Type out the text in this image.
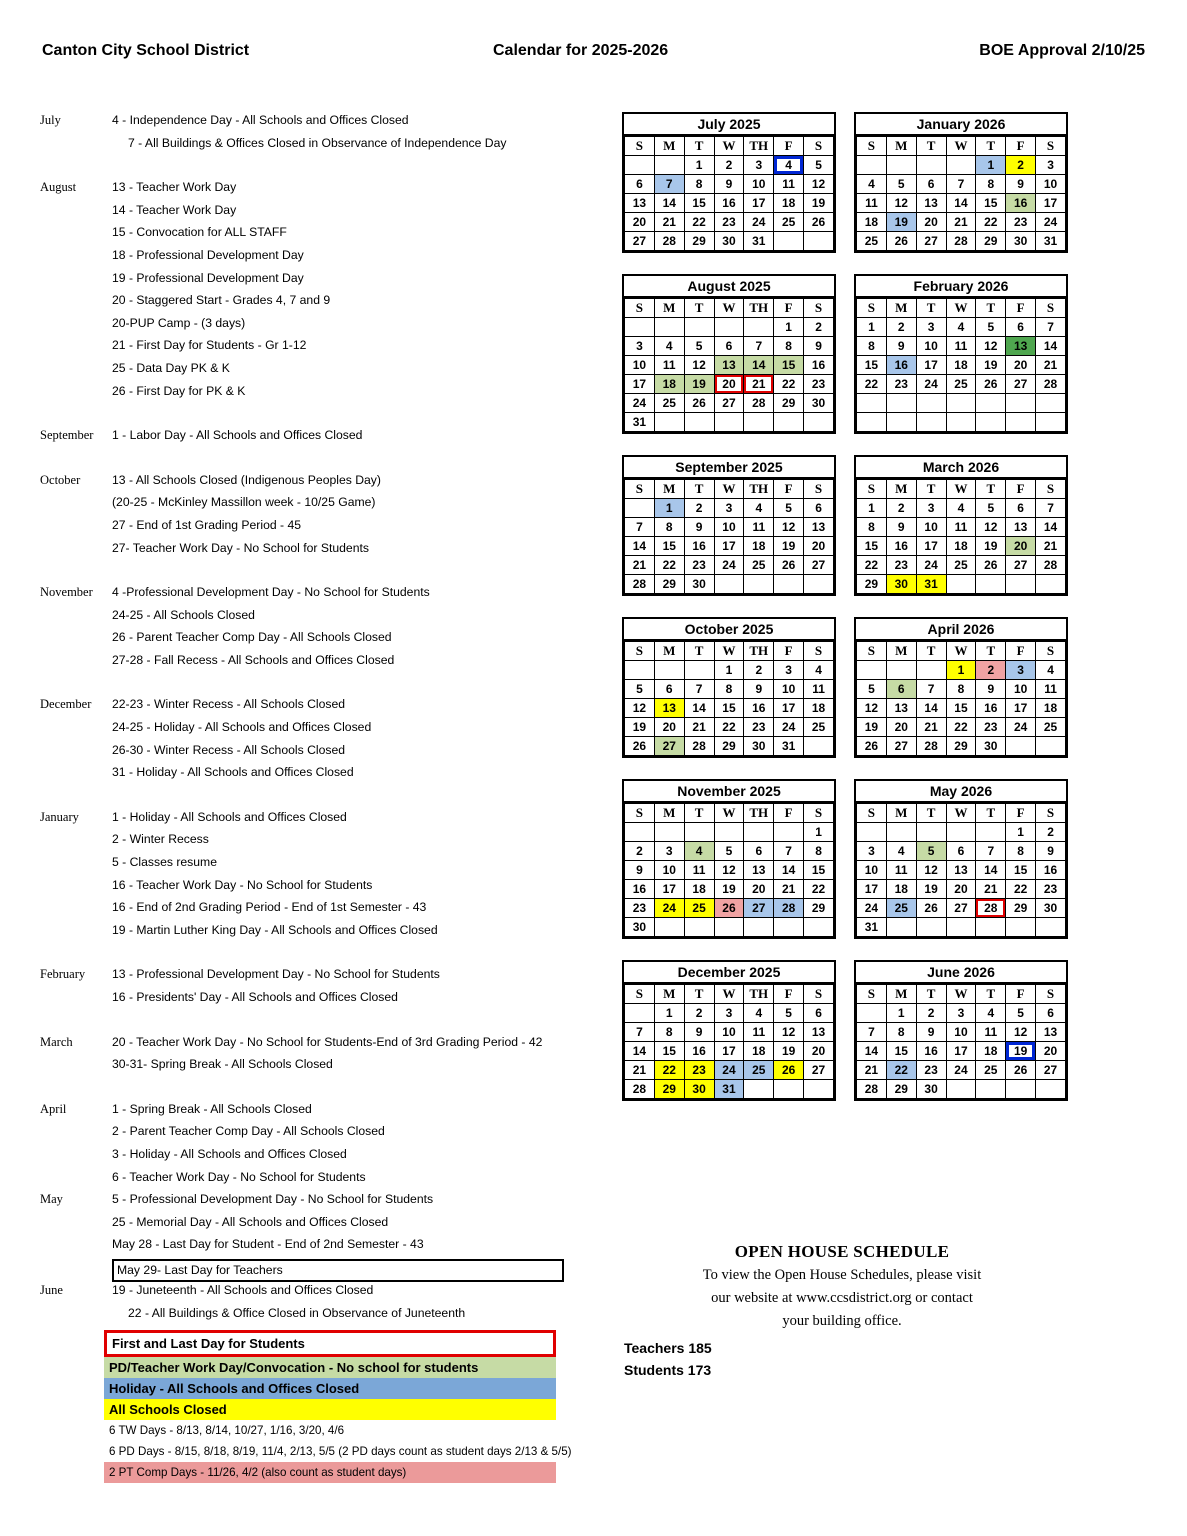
Canton City School District	Calendar for 2025-2026	BOE Approval 2/10/25
July	4 - Independence Day - All Schools and Offices Closed
7 - All Buildings & Offices Closed in Observance of Independence Day
August	13 - Teacher Work Day
14 - Teacher Work Day
15 - Convocation for ALL STAFF
18 - Professional Development Day
19 - Professional Development Day
20 - Staggered Start - Grades 4, 7 and 9
20-PUP Camp - (3 days)
21 - First Day for Students - Gr 1-12
25 - Data Day PK & K
26 - First Day for PK & K
September	1 - Labor Day - All Schools and Offices Closed
October	13 - All Schools Closed (Indigenous Peoples Day)
(20-25 - McKinley Massillon week - 10/25 Game)
27 - End of 1st Grading Period - 45
27- Teacher Work Day - No School for Students
November	4 -Professional Development Day - No School for Students
24-25 - All Schools Closed
26 - Parent Teacher Comp Day - All Schools Closed
27-28 - Fall Recess - All Schools and Offices Closed
December	22-23 - Winter Recess - All Schools Closed
24-25 - Holiday - All Schools and Offices Closed
26-30 - Winter Recess - All Schools Closed
31 - Holiday - All Schools and Offices Closed
January	1 - Holiday - All Schools and Offices Closed
2 - Winter Recess
5 - Classes resume
16 - Teacher Work Day - No School for Students
16 - End of 2nd Grading Period - End of 1st Semester - 43
19 - Martin Luther King Day - All Schools and Offices Closed
February	13 - Professional Development Day - No School for Students
16 - Presidents' Day - All Schools and Offices Closed
March	20 - Teacher Work Day - No School for Students-End of 3rd Grading Period - 42
30-31- Spring Break - All Schools Closed
April	1 - Spring Break - All Schools Closed
2 - Parent Teacher Comp Day - All Schools Closed
3 - Holiday - All Schools and Offices Closed
6 - Teacher Work Day - No School for Students
May	5 - Professional Development Day - No School for Students
25 - Memorial Day - All Schools and Offices Closed
May 28 - Last Day for Student - End of 2nd Semester - 43
May 29- Last Day for Teachers
June	19 - Juneteenth - All Schools and Offices Closed
22 - All Buildings & Office Closed in Observance of Juneteenth
First and Last Day for Students
PD/Teacher Work Day/Convocation - No school for students
Holiday - All Schools and Offices Closed
All Schools Closed
6 TW Days - 8/13, 8/14, 10/27, 1/16, 3/20, 4/6
6 PD Days - 8/15, 8/18, 8/19, 11/4, 2/13, 5/5 (2 PD days count as student days 2/13 & 5/5)
2 PT Comp Days - 11/26, 4/2 (also count as student days)
July 2025
S	M	T	W	TH	F	S
		1	2	3	4	5
6	7	8	9	10	11	12
13	14	15	16	17	18	19
20	21	22	23	24	25	26
27	28	29	30	31		
January 2026
S	M	T	W	T	F	S
				1	2	3
4	5	6	7	8	9	10
11	12	13	14	15	16	17
18	19	20	21	22	23	24
25	26	27	28	29	30	31
August 2025
S	M	T	W	TH	F	S
					1	2
3	4	5	6	7	8	9
10	11	12	13	14	15	16
17	18	19	20	21	22	23
24	25	26	27	28	29	30
31						
February 2026
S	M	T	W	T	F	S
1	2	3	4	5	6	7
8	9	10	11	12	13	14
15	16	17	18	19	20	21
22	23	24	25	26	27	28

September 2025
S	M	T	W	TH	F	S
	1	2	3	4	5	6
7	8	9	10	11	12	13
14	15	16	17	18	19	20
21	22	23	24	25	26	27
28	29	30				
March 2026
S	M	T	W	T	F	S
1	2	3	4	5	6	7
8	9	10	11	12	13	14
15	16	17	18	19	20	21
22	23	24	25	26	27	28
29	30	31				
October 2025
S	M	T	W	TH	F	S
			1	2	3	4
5	6	7	8	9	10	11
12	13	14	15	16	17	18
19	20	21	22	23	24	25
26	27	28	29	30	31	
April 2026
S	M	T	W	T	F	S
			1	2	3	4
5	6	7	8	9	10	11
12	13	14	15	16	17	18
19	20	21	22	23	24	25
26	27	28	29	30		
November 2025
S	M	T	W	TH	F	S
						1
2	3	4	5	6	7	8
9	10	11	12	13	14	15
16	17	18	19	20	21	22
23	24	25	26	27	28	29
30						
May 2026
S	M	T	W	T	F	S
					1	2
3	4	5	6	7	8	9
10	11	12	13	14	15	16
17	18	19	20	21	22	23
24	25	26	27	28	29	30
31						
December 2025
S	M	T	W	TH	F	S
	1	2	3	4	5	6
7	8	9	10	11	12	13
14	15	16	17	18	19	20
21	22	23	24	25	26	27
28	29	30	31			
June 2026
S	M	T	W	T	F	S
	1	2	3	4	5	6
7	8	9	10	11	12	13
14	15	16	17	18	19	20
21	22	23	24	25	26	27
28	29	30				
OPEN HOUSE SCHEDULE
To view the Open House Schedules, please visit
our website at www.ccsdistrict.org or contact
your building office.
Teachers 185
Students 173
